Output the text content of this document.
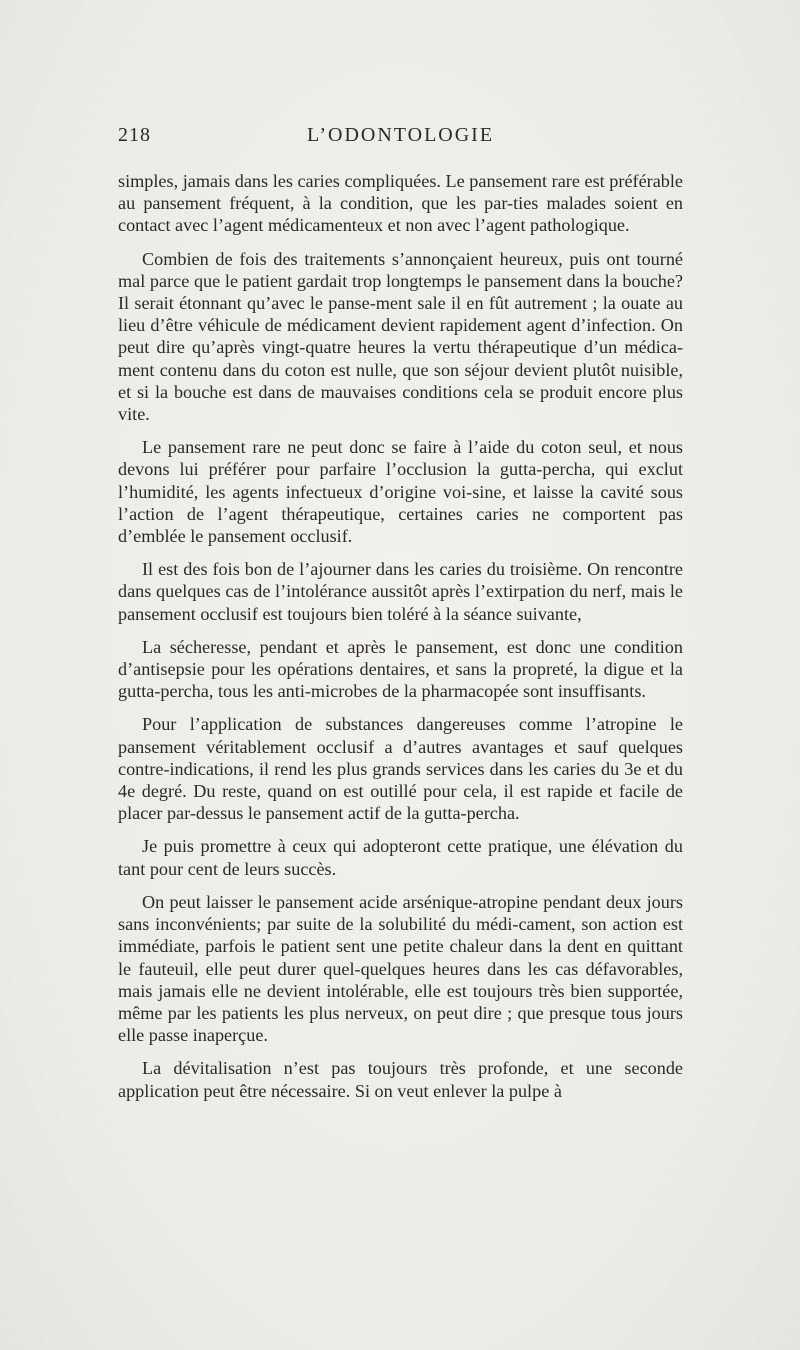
218	L’ODONTOLOGIE

simples, jamais dans les caries compliquées. Le pansement rare est préférable au pansement fréquent, à la condition, que les par-ties malades soient en contact avec l’agent médicamenteux et non avec l’agent pathologique.

Combien de fois des traitements s’annonçaient heureux, puis ont tourné mal parce que le patient gardait trop longtemps le pansement dans la bouche? Il serait étonnant qu’avec le panse-ment sale il en fût autrement ; la ouate au lieu d’être véhicule de médicament devient rapidement agent d’infection. On peut dire qu’après vingt-quatre heures la vertu thérapeutique d’un médica-ment contenu dans du coton est nulle, que son séjour devient plutôt nuisible, et si la bouche est dans de mauvaises conditions cela se produit encore plus vite.

Le pansement rare ne peut donc se faire à l’aide du coton seul, et nous devons lui préférer pour parfaire l’occlusion la gutta-percha, qui exclut l’humidité, les agents infectueux d’origine voi-sine, et laisse la cavité sous l’action de l’agent thérapeutique, certaines caries ne comportent pas d’emblée le pansement occlusif.

Il est des fois bon de l’ajourner dans les caries du troisième. On rencontre dans quelques cas de l’intolérance aussitôt après l’extirpation du nerf, mais le pansement occlusif est toujours bien toléré à la séance suivante,

La sécheresse, pendant et après le pansement, est donc une condition d’antisepsie pour les opérations dentaires, et sans la propreté, la digue et la gutta-percha, tous les anti-microbes de la pharmacopée sont insuffisants.

Pour l’application de substances dangereuses comme l’atropine le pansement véritablement occlusif a d’autres avantages et sauf quelques contre-indications, il rend les plus grands services dans les caries du 3e et du 4e degré. Du reste, quand on est outillé pour cela, il est rapide et facile de placer par-dessus le pansement actif de la gutta-percha.

Je puis promettre à ceux qui adopteront cette pratique, une élévation du tant pour cent de leurs succès.

On peut laisser le pansement acide arsénique-atropine pendant deux jours sans inconvénients; par suite de la solubilité du médi-cament, son action est immédiate, parfois le patient sent une petite chaleur dans la dent en quittant le fauteuil, elle peut durer quel-quelques heures dans les cas défavorables, mais jamais elle ne devient intolérable, elle est toujours très bien supportée, même par les patients les plus nerveux, on peut dire ; que presque tous jours elle passe inaperçue.

La dévitalisation n’est pas toujours très profonde, et une seconde application peut être nécessaire. Si on veut enlever la pulpe à
